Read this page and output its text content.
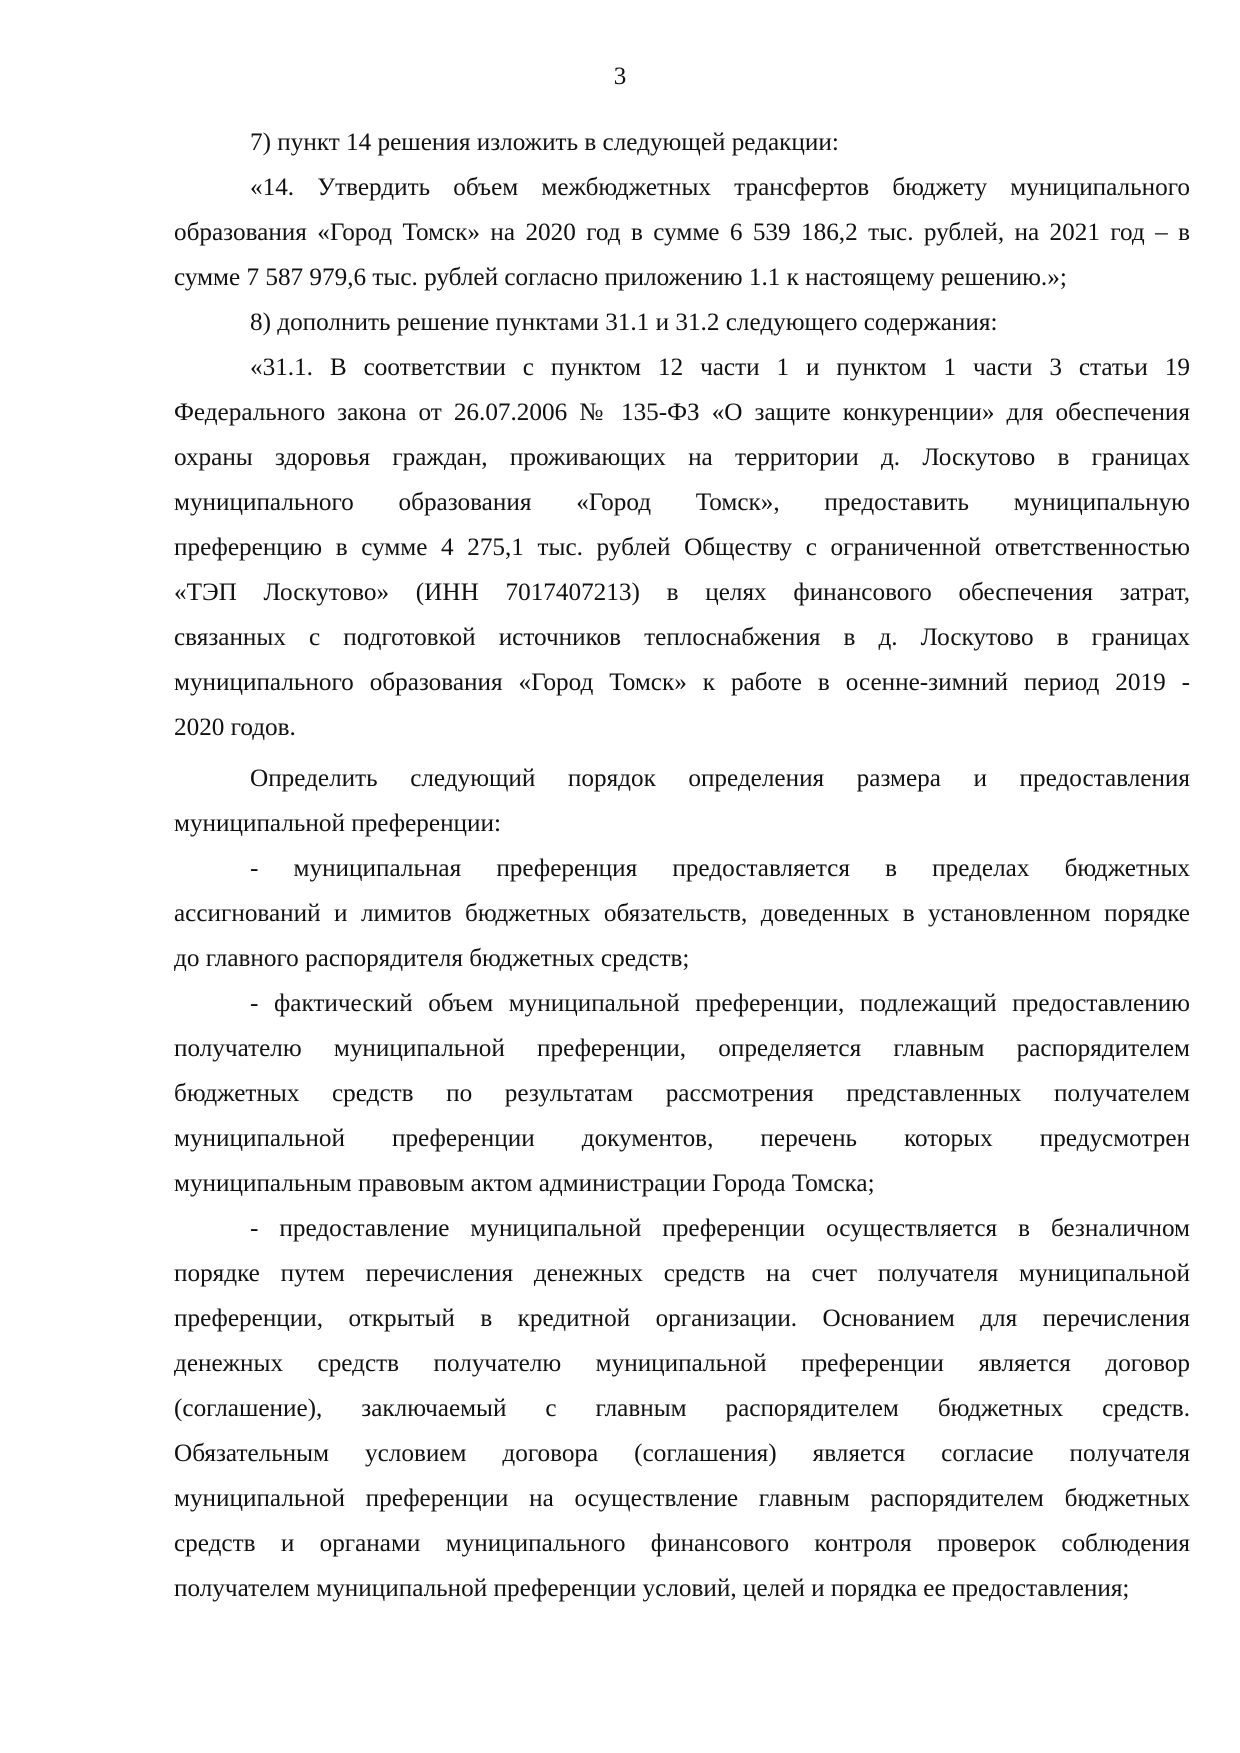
3

7) пункт 14 решения изложить в следующей редакции:

«14. Утвердить объем межбюджетных трансфертов бюджету муниципального
образования «Город Томск» на 2020 год в сумме 6 539 186,2 тыс. рублей, на 2021 год – в
сумме 7 587 979,6 тыс. рублей согласно приложению 1.1 к настоящему решению.»;

8) дополнить решение пунктами 31.1 и 31.2 следующего содержания:

«31.1. В соответствии с пунктом 12 части 1 и пунктом 1 части 3 статьи 19
Федерального закона от 26.07.2006 № 135-ФЗ «О защите конкуренции» для обеспечения
охраны здоровья граждан, проживающих на территории д. Лоскутово в границах
муниципального образования «Город Томск», предоставить муниципальную
преференцию в сумме 4 275,1 тыс. рублей Обществу с ограниченной ответственностью
«ТЭП Лоскутово» (ИНН 7017407213) в целях финансового обеспечения затрат,
связанных с подготовкой источников теплоснабжения в д. Лоскутово в границах
муниципального образования «Город Томск» к работе в осенне-зимний период 2019 -
2020 годов.

Определить следующий порядок определения размера и предоставления
муниципальной преференции:

- муниципальная преференция предоставляется в пределах бюджетных
ассигнований и лимитов бюджетных обязательств, доведенных в установленном порядке
до главного распорядителя бюджетных средств;

- фактический объем муниципальной преференции, подлежащий предоставлению
получателю муниципальной преференции, определяется главным распорядителем
бюджетных средств по результатам рассмотрения представленных получателем
муниципальной преференции документов, перечень которых предусмотрен
муниципальным правовым актом администрации Города Томска;

- предоставление муниципальной преференции осуществляется в безналичном
порядке путем перечисления денежных средств на счет получателя муниципальной
преференции, открытый в кредитной организации. Основанием для перечисления
денежных средств получателю муниципальной преференции является договор
(соглашение), заключаемый с главным распорядителем бюджетных средств.
Обязательным условием договора (соглашения) является согласие получателя
муниципальной преференции на осуществление главным распорядителем бюджетных
средств и органами муниципального финансового контроля проверок соблюдения
получателем муниципальной преференции условий, целей и порядка ее предоставления;
